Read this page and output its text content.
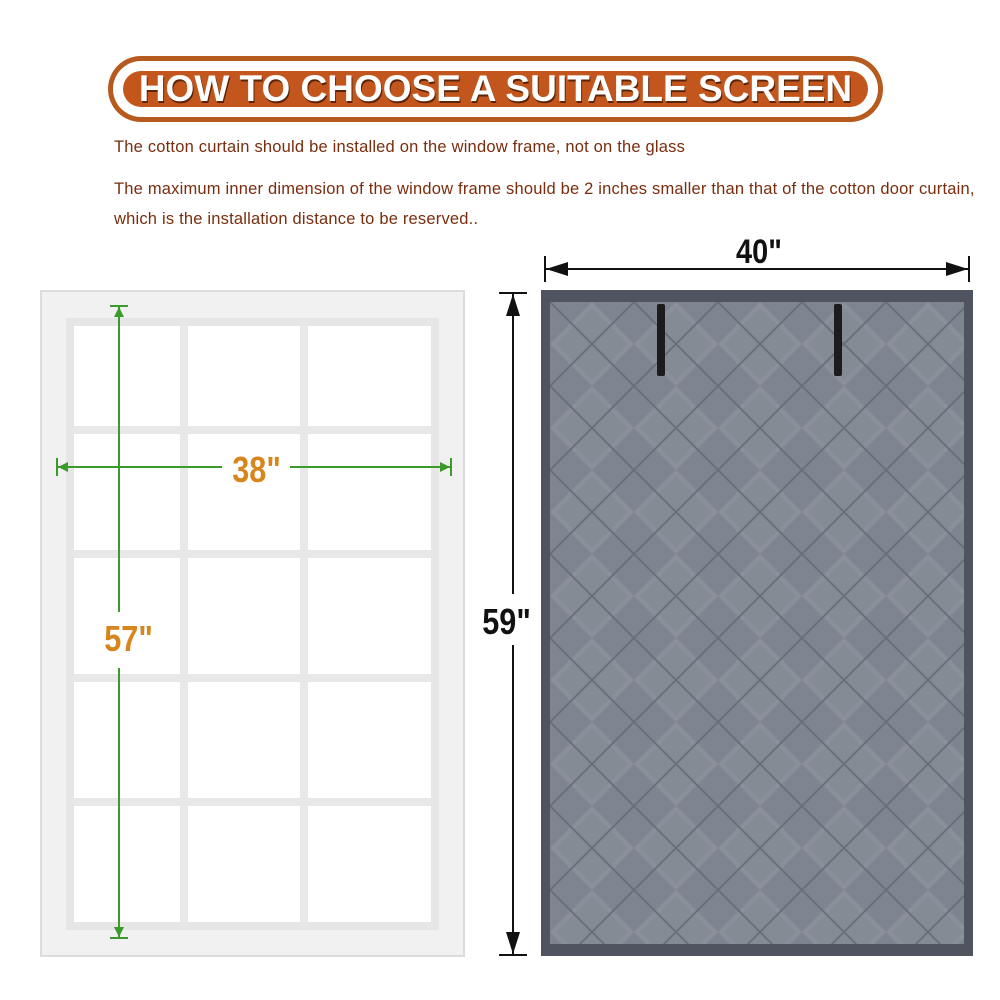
HOW TO CHOOSE A SUITABLE SCREEN
The cotton curtain should be installed on the window frame, not on the glass
The maximum inner dimension of the window frame should be 2 inches smaller than that of the cotton door curtain, which is the installation distance to be reserved..
38"
57"
40"
59"
